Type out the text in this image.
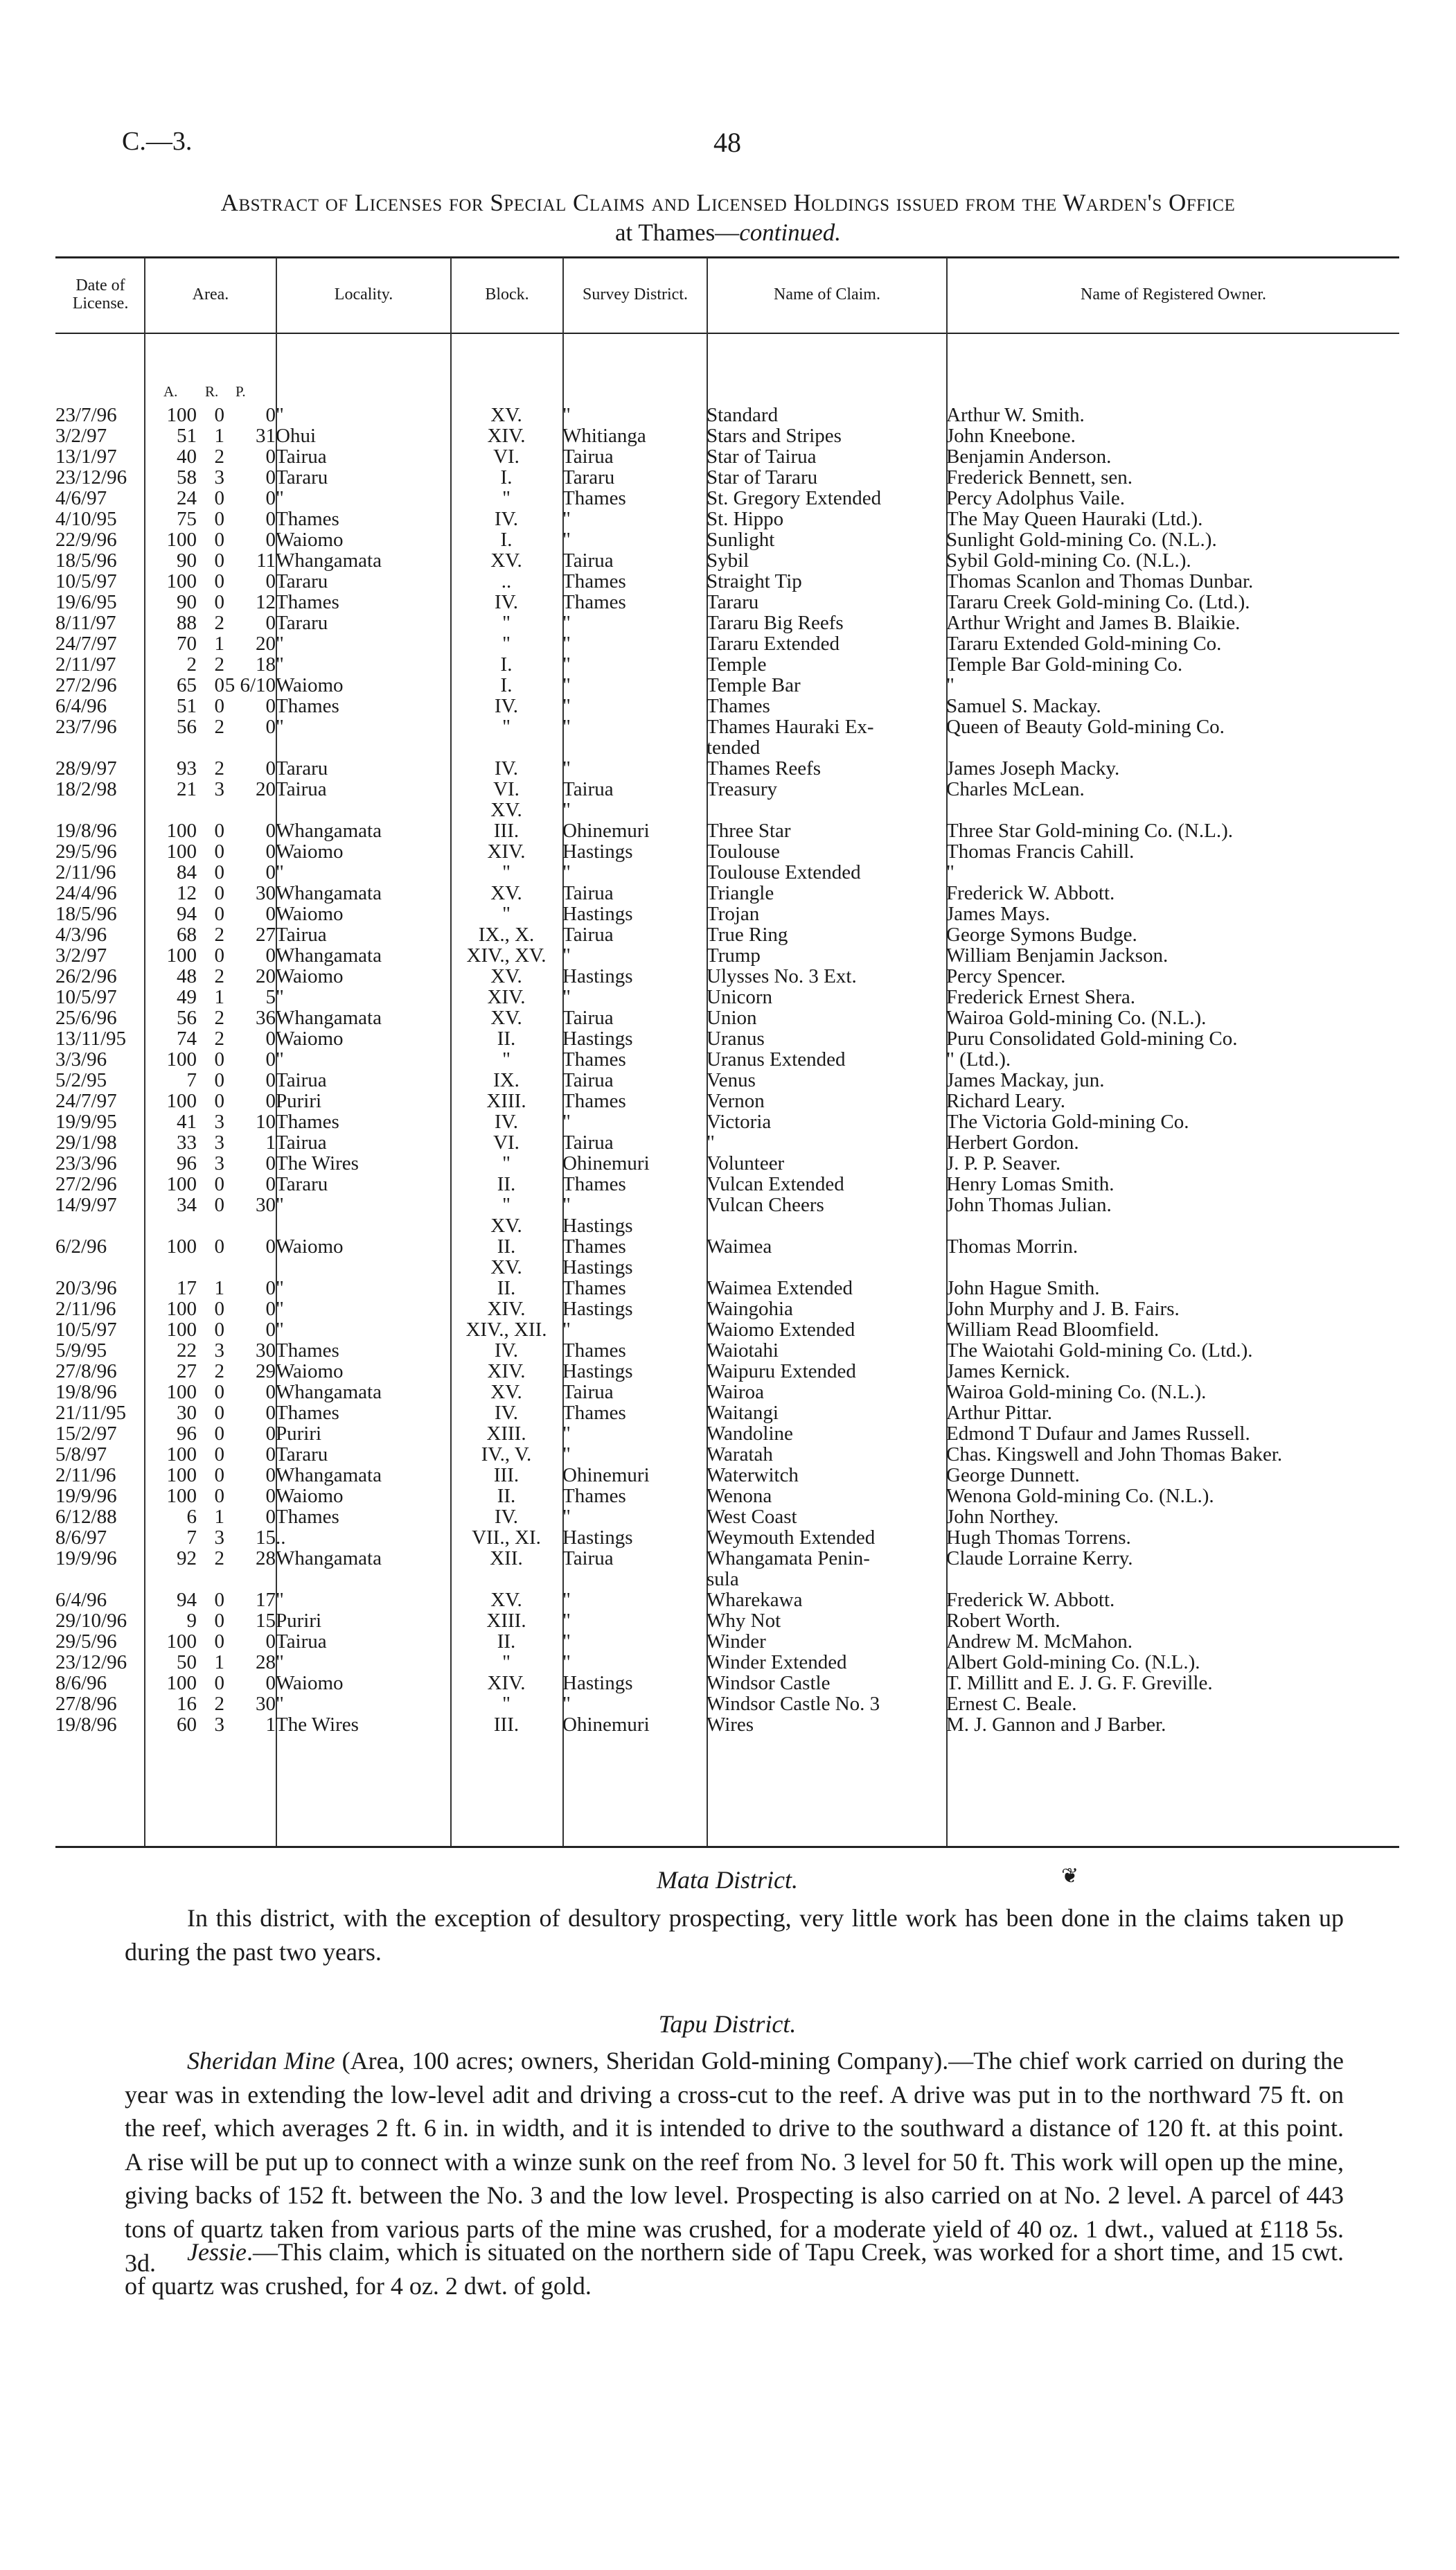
C.—3.	48
Abstract of Licenses for Special Claims and Licensed Holdings issued from the Warden's Office
at Thames—continued.
Date of License.
Area.	Locality.	Block.	Survey District.	Name of Claim.	Name of Registered Owner.
A. R. P.
23/7/96	100	0	0	"	XV.	"	Standard	Arthur W. Smith.
3/2/97	51	1	31	Ohui	XIV.	Whitianga	Stars and Stripes	John Kneebone.
13/1/97	40	2	0	Tairua	VI.	Tairua	Star of Tairua	Benjamin Anderson.
23/12/96	58	3	0	Tararu	I.	Tararu	Star of Tararu	Frederick Bennett, sen.
4/6/97	24	0	0	"	"	Thames	St. Gregory Extended	Percy Adolphus Vaile.
4/10/95	75	0	0	Thames	IV.	"	St. Hippo	The May Queen Hauraki (Ltd.).
22/9/96	100	0	0	Waiomo	I.	"	Sunlight	Sunlight Gold-mining Co. (N.L.).
18/5/96	90	0	11	Whangamata	XV.	Tairua	Sybil	Sybil Gold-mining Co. (N.L.).
10/5/97	100	0	0	Tararu	..	Thames	Straight Tip	Thomas Scanlon and Thomas Dunbar.
19/6/95	90	0	12	Thames	IV.	Thames	Tararu	Tararu Creek Gold-mining Co. (Ltd.).
8/11/97	88	2	0	Tararu	"	"	Tararu Big Reefs	Arthur Wright and James B. Blaikie.
24/7/97	70	1	20	"	"	"	Tararu Extended	Tararu Extended Gold-mining Co.
2/11/97	2	2	18	"	I.	"	Temple	Temple Bar Gold-mining Co.
27/2/96	65	0	5 6/10	Waiomo	I.	"	Temple Bar	"
6/4/96	51	0	0	Thames	IV.	"	Thames	Samuel S. Mackay.
23/7/96	56	2	0	"	"	"	Thames Hauraki Ex-	Queen of Beauty Gold-mining Co.
							tended	
28/9/97	93	2	0	Tararu	IV.	"	Thames Reefs	James Joseph Macky.
18/2/98	21	3	20	Tairua	VI.	Tairua	Treasury	Charles McLean.
					XV.	"		
19/8/96	100	0	0	Whangamata	III.	Ohinemuri	Three Star	Three Star Gold-mining Co. (N.L.).
29/5/96	100	0	0	Waiomo	XIV.	Hastings	Toulouse	Thomas Francis Cahill.
2/11/96	84	0	0	"	"	"	Toulouse Extended	"
24/4/96	12	0	30	Whangamata	XV.	Tairua	Triangle	Frederick W. Abbott.
18/5/96	94	0	0	Waiomo	"	Hastings	Trojan	James Mays.
4/3/96	68	2	27	Tairua	IX., X.	Tairua	True Ring	George Symons Budge.
3/2/97	100	0	0	Whangamata	XIV., XV.	"	Trump	William Benjamin Jackson.
26/2/96	48	2	20	Waiomo	XV.	Hastings	Ulysses No. 3 Ext.	Percy Spencer.
10/5/97	49	1	5	"	XIV.	"	Unicorn	Frederick Ernest Shera.
25/6/96	56	2	36	Whangamata	XV.	Tairua	Union	Wairoa Gold-mining Co. (N.L.).
13/11/95	74	2	0	Waiomo	II.	Hastings	Uranus	Puru Consolidated Gold-mining Co.
3/3/96	100	0	0	"	"	Thames	Uranus Extended	" (Ltd.).
5/2/95	7	0	0	Tairua	IX.	Tairua	Venus	James Mackay, jun.
24/7/97	100	0	0	Puriri	XIII.	Thames	Vernon	Richard Leary.
19/9/95	41	3	10	Thames	IV.	"	Victoria	The Victoria Gold-mining Co.
29/1/98	33	3	1	Tairua	VI.	Tairua	"	Herbert Gordon.
23/3/96	96	3	0	The Wires	"	Ohinemuri	Volunteer	J. P. P. Seaver.
27/2/96	100	0	0	Tararu	II.	Thames	Vulcan Extended	Henry Lomas Smith.
14/9/97	34	0	30	"	"	"	Vulcan Cheers	John Thomas Julian.
					XV.	Hastings		
6/2/96	100	0	0	Waiomo	II.	Thames	Waimea	Thomas Morrin.
					XV.	Hastings		
20/3/96	17	1	0	"	II.	Thames	Waimea Extended	John Hague Smith.
2/11/96	100	0	0	"	XIV.	Hastings	Waingohia	John Murphy and J. B. Fairs.
10/5/97	100	0	0	"	XIV., XII.	"	Waiomo Extended	William Read Bloomfield.
5/9/95	22	3	30	Thames	IV.	Thames	Waiotahi	The Waiotahi Gold-mining Co. (Ltd.).
27/8/96	27	2	29	Waiomo	XIV.	Hastings	Waipuru Extended	James Kernick.
19/8/96	100	0	0	Whangamata	XV.	Tairua	Wairoa	Wairoa Gold-mining Co. (N.L.).
21/11/95	30	0	0	Thames	IV.	Thames	Waitangi	Arthur Pittar.
15/2/97	96	0	0	Puriri	XIII.	"	Wandoline	Edmond T Dufaur and James Russell.
5/8/97	100	0	0	Tararu	IV., V.	"	Waratah	Chas. Kingswell and John Thomas Baker.
2/11/96	100	0	0	Whangamata	III.	Ohinemuri	Waterwitch	George Dunnett.
19/9/96	100	0	0	Waiomo	II.	Thames	Wenona	Wenona Gold-mining Co. (N.L.).
6/12/88	6	1	0	Thames	IV.	"	West Coast	John Northey.
8/6/97	7	3	15	..	VII., XI.	Hastings	Weymouth Extended	Hugh Thomas Torrens.
19/9/96	92	2	28	Whangamata	XII.	Tairua	Whangamata Penin-	Claude Lorraine Kerry.
							sula	
6/4/96	94	0	17	"	XV.	"	Wharekawa	Frederick W. Abbott.
29/10/96	9	0	15	Puriri	XIII.	"	Why Not	Robert Worth.
29/5/96	100	0	0	Tairua	II.	"	Winder	Andrew M. McMahon.
23/12/96	50	1	28	"	"	"	Winder Extended	Albert Gold-mining Co. (N.L.).
8/6/96	100	0	0	Waiomo	XIV.	Hastings	Windsor Castle	T. Millitt and E. J. G. F. Greville.
27/8/96	16	2	30	"	"	"	Windsor Castle No. 3	Ernest C. Beale.
19/8/96	60	3	1	The Wires	III.	Ohinemuri	Wires	M. J. Gannon and J Barber.
❦
Mata District.
In this district, with the exception of desultory prospecting, very little work has been done in the claims taken up during the past two years.
Tapu District.
Sheridan Mine (Area, 100 acres; owners, Sheridan Gold-mining Company).—The chief work carried on during the year was in extending the low-level adit and driving a cross-cut to the reef. A drive was put in to the northward 75 ft. on the reef, which averages 2 ft. 6 in. in width, and it is intended to drive to the southward a distance of 120 ft. at this point. A rise will be put up to connect with a winze sunk on the reef from No. 3 level for 50 ft. This work will open up the mine, giving backs of 152 ft. between the No. 3 and the low level. Prospecting is also carried on at No. 2 level. A parcel of 443 tons of quartz taken from various parts of the mine was crushed, for a moderate yield of 40 oz. 1 dwt., valued at £118 5s. 3d.	Jessie.—This claim, which is situated on the northern side of Tapu Creek, was worked for a short time, and 15 cwt. of quartz was crushed, for 4 oz. 2 dwt. of gold.
